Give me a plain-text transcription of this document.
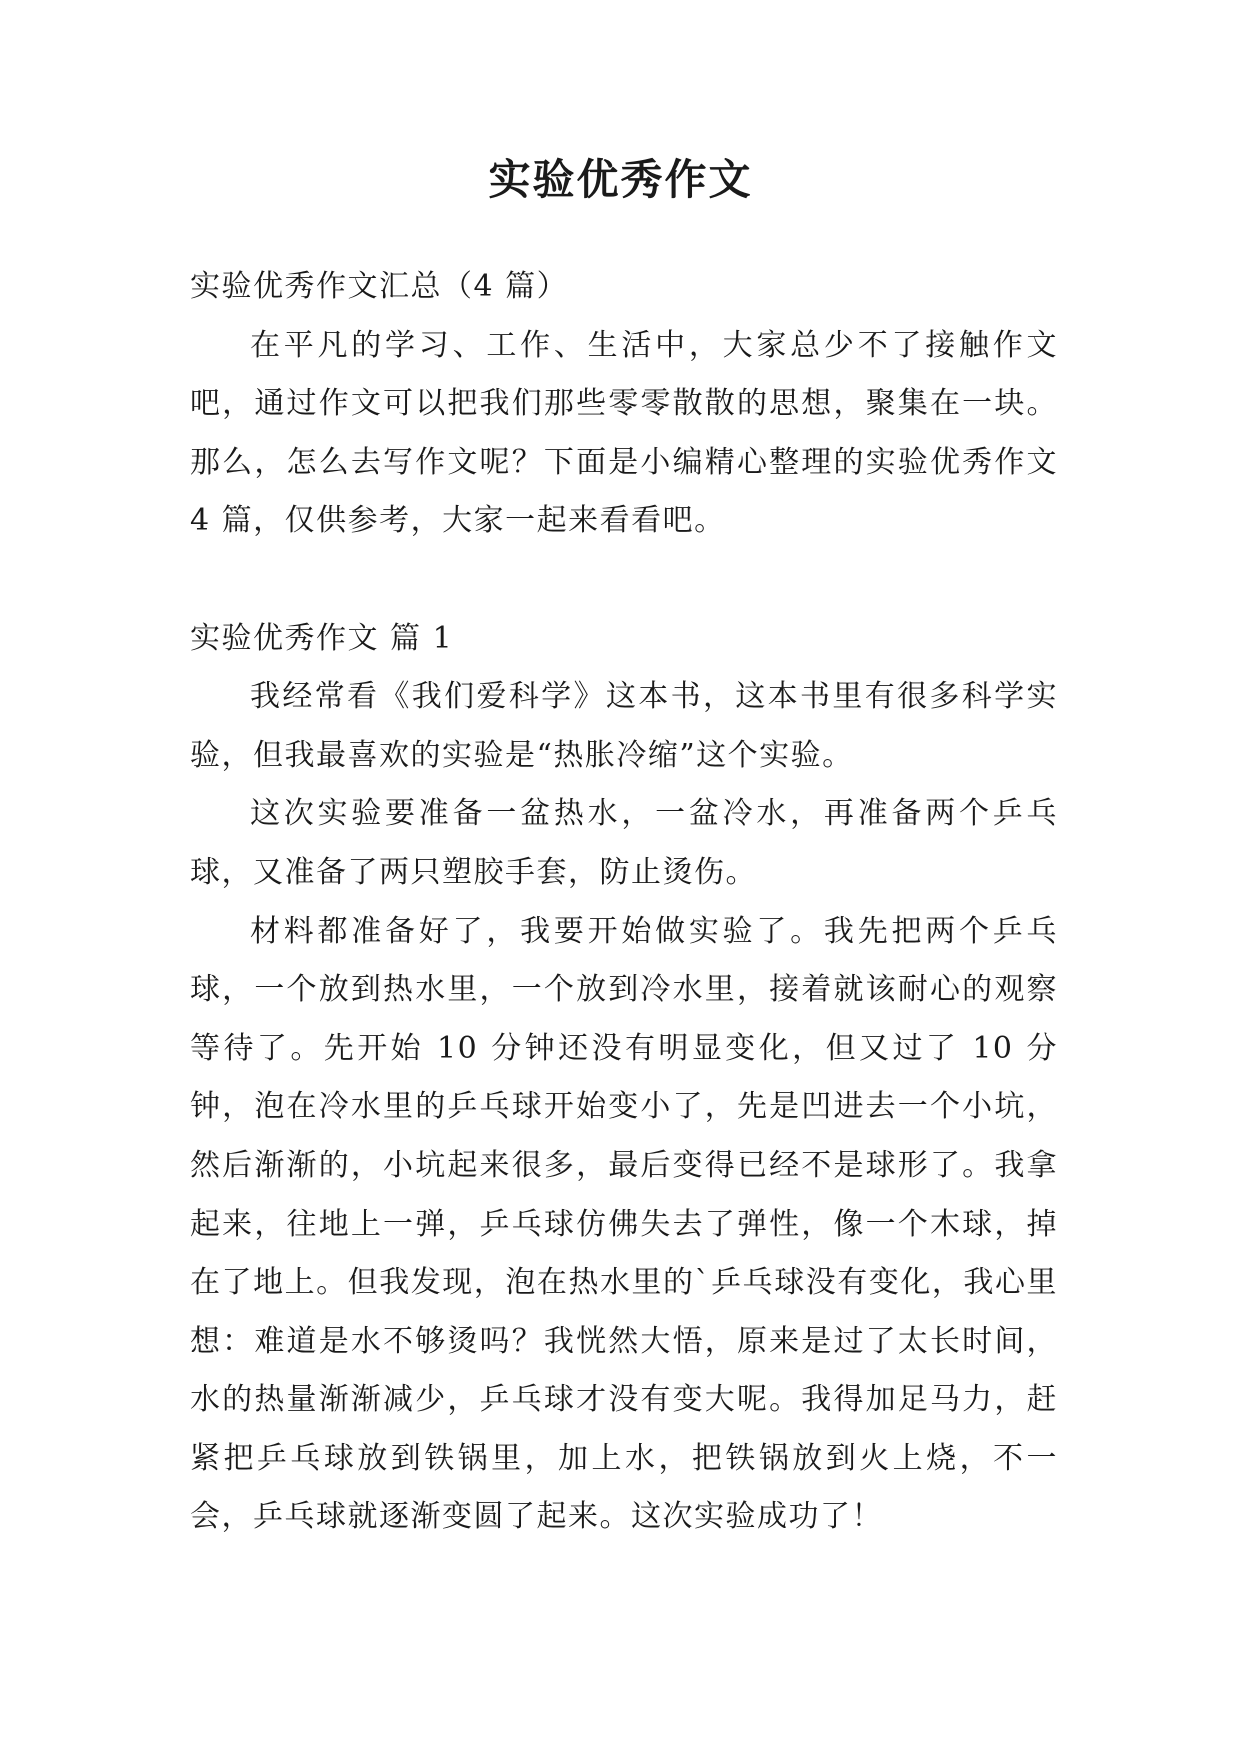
实验优秀作文

实验优秀作文汇总（4 篇）

在平凡的学习、工作、生活中，大家总少不了接触作文吧，通过作文可以把我们那些零零散散的思想，聚集在一块。那么，怎么去写作文呢？下面是小编精心整理的实验优秀作文 4 篇，仅供参考，大家一起来看看吧。

实验优秀作文 篇 1

我经常看《我们爱科学》这本书，这本书里有很多科学实验，但我最喜欢的实验是“热胀冷缩”这个实验。

这次实验要准备一盆热水，一盆冷水，再准备两个乒乓球，又准备了两只塑胶手套，防止烫伤。

材料都准备好了，我要开始做实验了。我先把两个乒乓球，一个放到热水里，一个放到冷水里，接着就该耐心的观察等待了。先开始 10 分钟还没有明显变化，但又过了 10 分钟，泡在冷水里的乒乓球开始变小了，先是凹进去一个小坑，然后渐渐的，小坑起来很多，最后变得已经不是球形了。我拿起来，往地上一弹，乒乓球仿佛失去了弹性，像一个木球，掉在了地上。但我发现，泡在热水里的`乒乓球没有变化，我心里想：难道是水不够烫吗？我恍然大悟，原来是过了太长时间，水的热量渐渐减少，乒乓球才没有变大呢。我得加足马力，赶紧把乒乓球放到铁锅里，加上水，把铁锅放到火上烧，不一会，乒乓球就逐渐变圆了起来。这次实验成功了！
